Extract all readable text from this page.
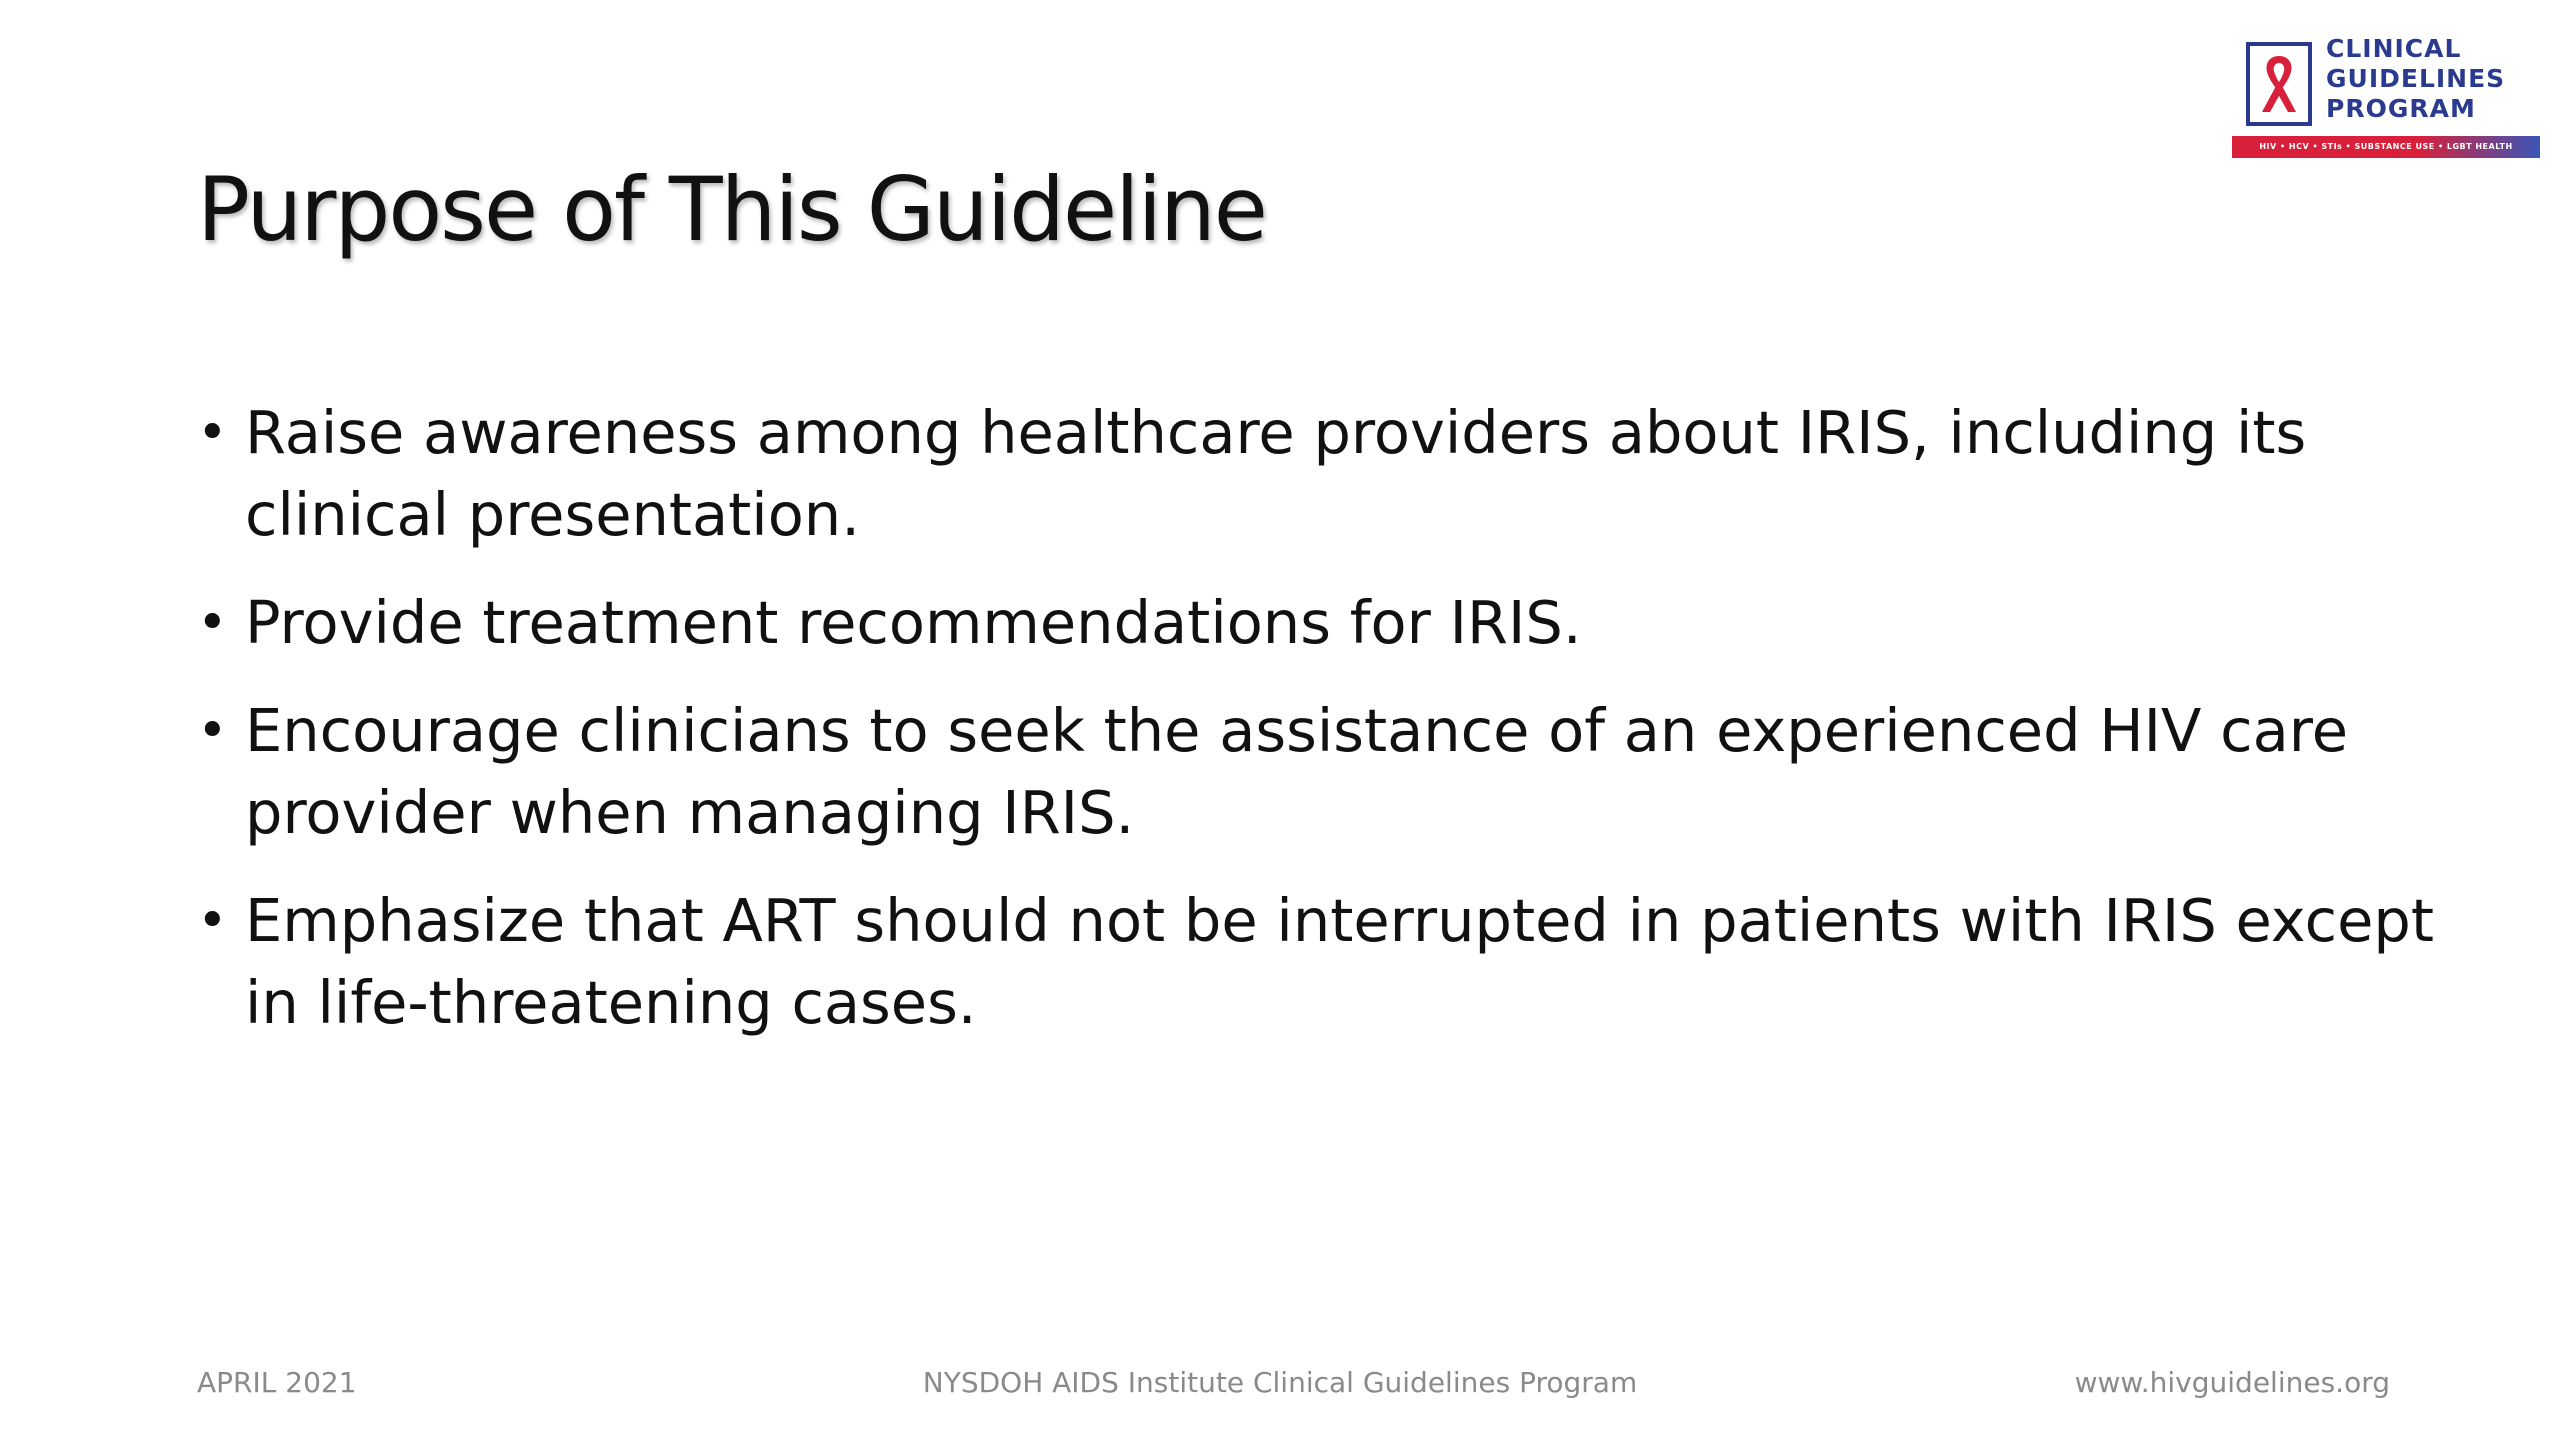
CLINICAL
GUIDELINES
PROGRAM
HIV • HCV • STIs • SUBSTANCE USE • LGBT HEALTH
Purpose of This Guideline
• Raise awareness among healthcare providers about IRIS, including its clinical presentation.
• Provide treatment recommendations for IRIS.
• Encourage clinicians to seek the assistance of an experienced HIV care provider when managing IRIS.
• Emphasize that ART should not be interrupted in patients with IRIS except in life-threatening cases.
APRIL 2021	NYSDOH AIDS Institute Clinical Guidelines Program	www.hivguidelines.org
